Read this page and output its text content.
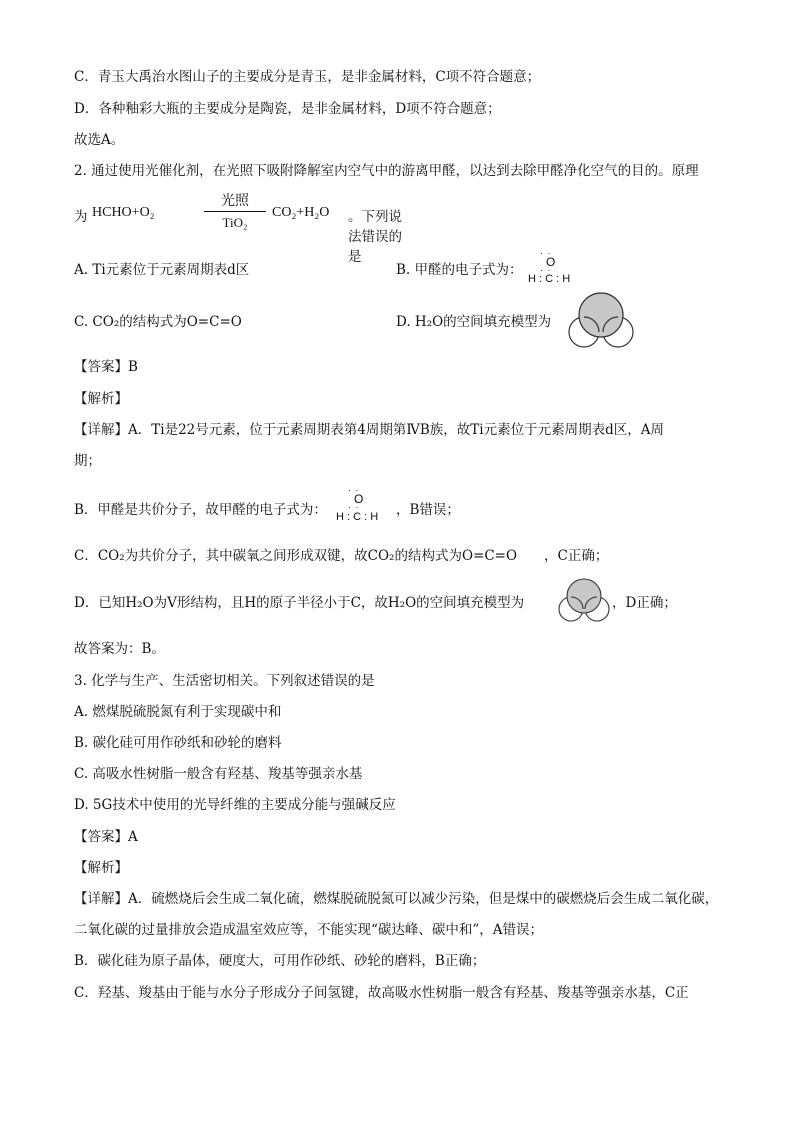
C．青玉大禹治水图山子的主要成分是青玉，是非金属材料，C项不符合题意；
D．各种釉彩大瓶的主要成分是陶瓷，是非金属材料，D项不符合题意；
故选A。
2. 通过使用光催化剂，在光照下吸附降解室内空气中的游离甲醛，以达到去除甲醛净化空气的目的。原理
为 HCHO+O₂
光照
TiO₂
CO₂+H₂O 。下列说法错误的是
A. Ti元素位于元素周期表d区	B. 甲醛的电子式为：
· ·
O
· ·
H : C : H
C. CO₂的结构式为O=C=O	D. H₂O的空间填充模型为
【答案】B
【解析】
【详解】A．Ti是22号元素，位于元素周期表第4周期第ⅣB族，故Ti元素位于元素周期表d区，A周
期；
B．甲醛是共价分子，故甲醛的电子式为：
· ·
O
· ·
H : C : H ，B错误；
C．CO₂为共价分子，其中碳氧之间形成双键，故CO₂的结构式为O=C=O　　，C正确；
D．已知H₂O为V形结构，且H的原子半径小于C，故H₂O的空间填充模型为	，D正确；
故答案为：B。
3. 化学与生产、生活密切相关。下列叙述错误的是
A. 燃煤脱硫脱氮有利于实现碳中和
B. 碳化硅可用作砂纸和砂轮的磨料
C. 高吸水性树脂一般含有羟基、羧基等强亲水基
D. 5G技术中使用的光导纤维的主要成分能与强碱反应
【答案】A
【解析】
【详解】A．硫燃烧后会生成二氧化硫，燃煤脱硫脱氮可以减少污染，但是煤中的碳燃烧后会生成二氧化碳，
二氧化碳的过量排放会造成温室效应等，不能实现“碳达峰、碳中和”，A错误；
B．碳化硅为原子晶体，硬度大，可用作砂纸、砂轮的磨料，B正确；
C．羟基、羧基由于能与水分子形成分子间氢键，故高吸水性树脂一般含有羟基、羧基等强亲水基，C正
